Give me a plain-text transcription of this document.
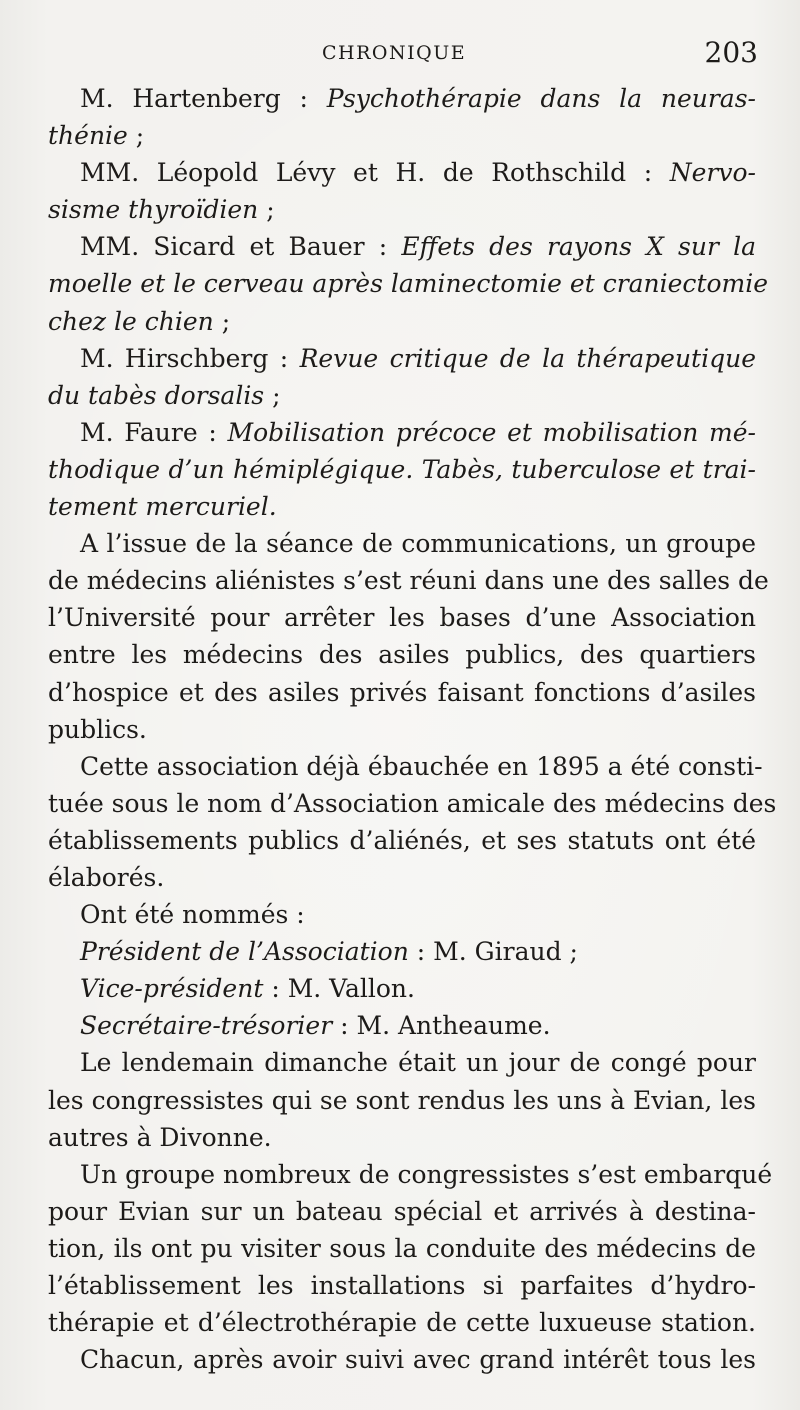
CHRONIQUE	203
M. Hartenberg : Psychothérapie dans la neuras-
thénie ;
MM. Léopold Lévy et H. de Rothschild : Nervo-
sisme thyroïdien ;
MM. Sicard et Bauer : Effets des rayons X sur la
moelle et le cerveau après laminectomie et craniectomie
chez le chien ;
M. Hirschberg : Revue critique de la thérapeutique
du tabès dorsalis ;
M. Faure : Mobilisation précoce et mobilisation mé-
thodique d’un hémiplégique. Tabès, tuberculose et trai-
tement mercuriel.
A l’issue de la séance de communications, un groupe
de médecins aliénistes s’est réuni dans une des salles de
l’Université pour arrêter les bases d’une Association
entre les médecins des asiles publics, des quartiers
d’hospice et des asiles privés faisant fonctions d’asiles
publics.
Cette association déjà ébauchée en 1895 a été consti-
tuée sous le nom d’Association amicale des médecins des
établissements publics d’aliénés, et ses statuts ont été
élaborés.
Ont été nommés :
Président de l’Association : M. Giraud ;
Vice-président : M. Vallon.
Secrétaire-trésorier : M. Antheaume.
Le lendemain dimanche était un jour de congé pour
les congressistes qui se sont rendus les uns à Evian, les
autres à Divonne.
Un groupe nombreux de congressistes s’est embarqué
pour Evian sur un bateau spécial et arrivés à destina-
tion, ils ont pu visiter sous la conduite des médecins de
l’établissement les installations si parfaites d’hydro-
thérapie et d’électrothérapie de cette luxueuse station.
Chacun, après avoir suivi avec grand intérêt tous les
